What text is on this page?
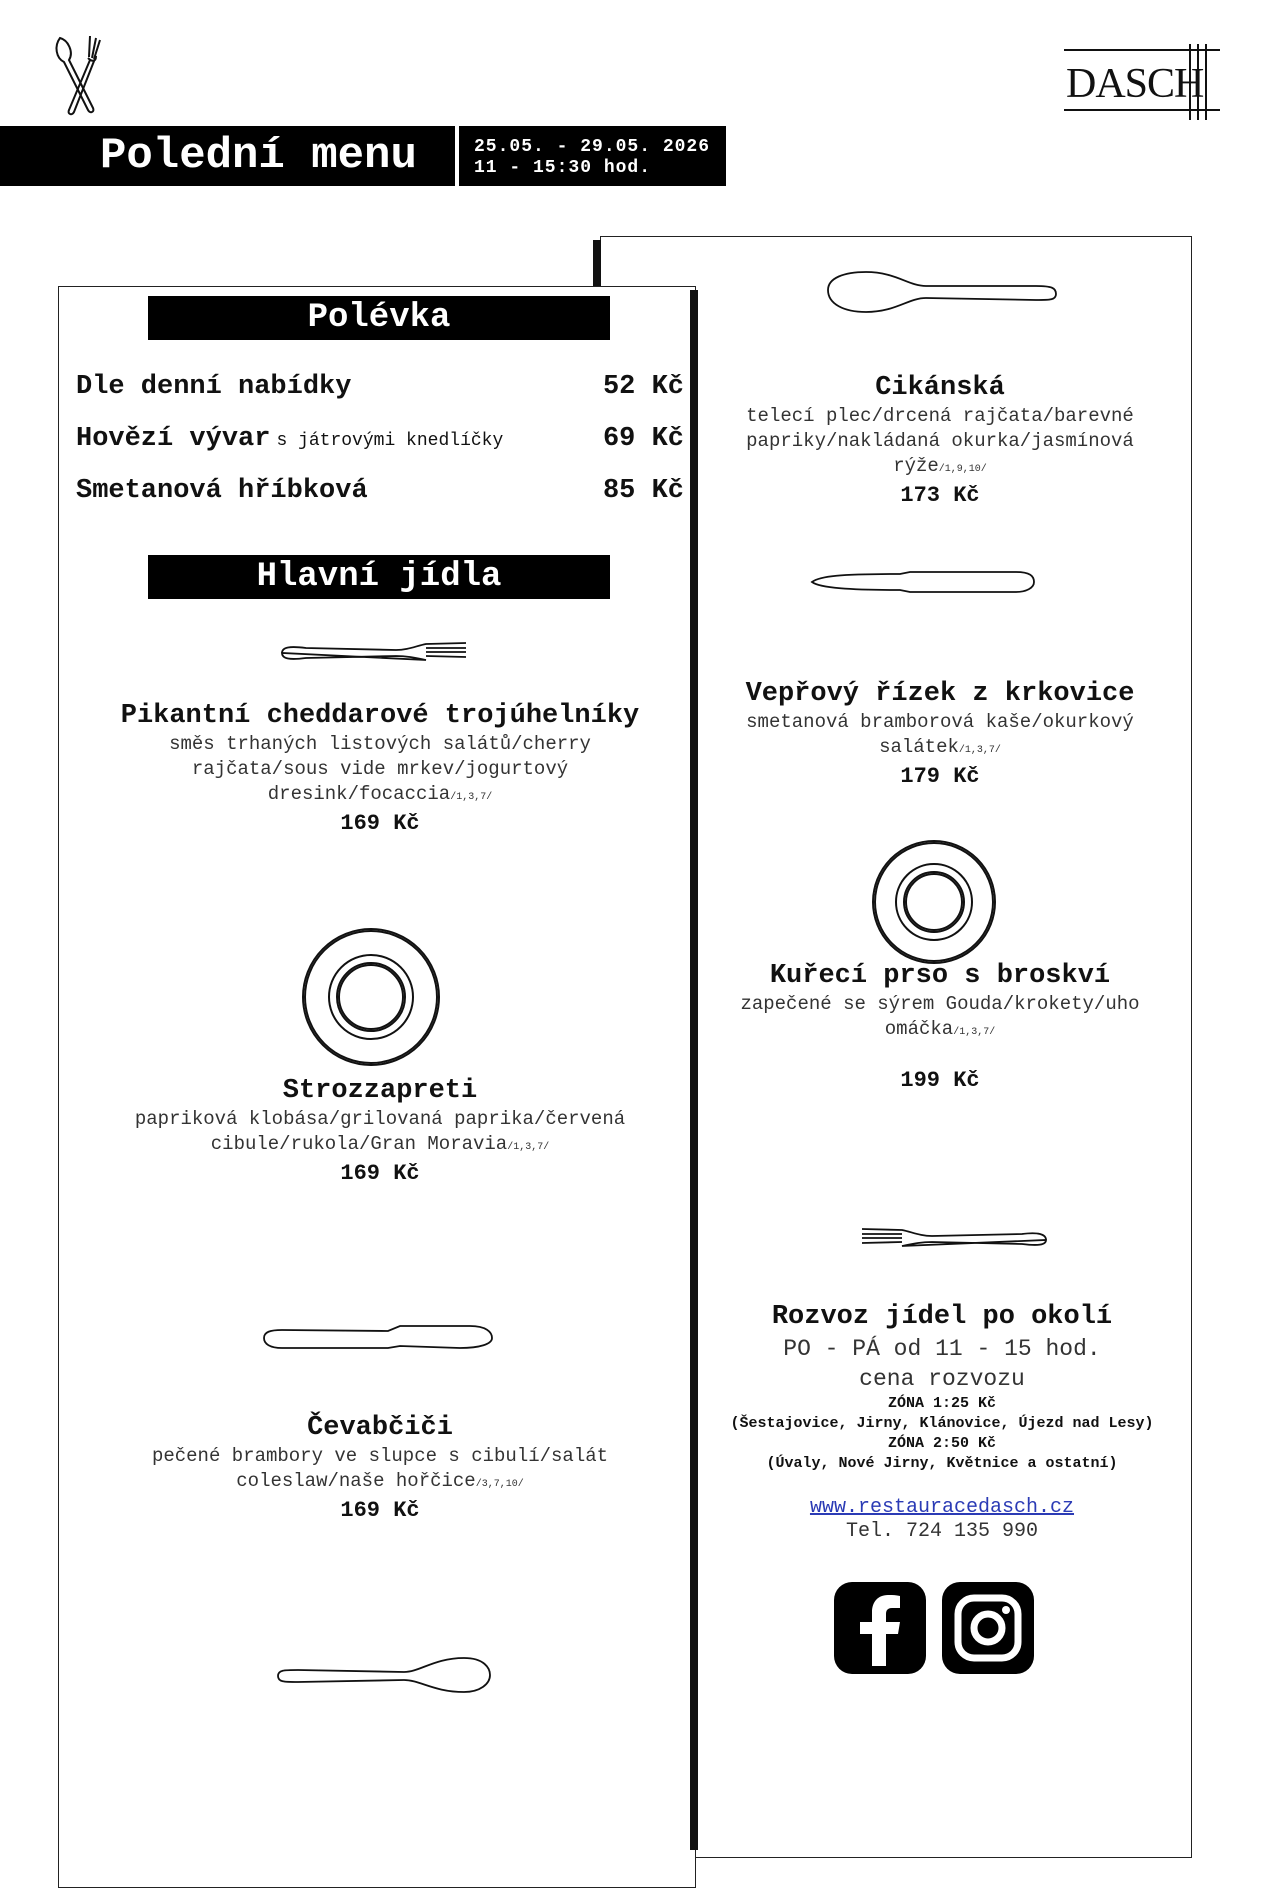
DASCH
Polední menu	25.05. - 29.05. 2026
11 - 15:30 hod.
Polévka
Dle denní nabídky	52 Kč
Hovězí vývar s játrovými knedlíčky	69 Kč
Smetanová hříbková	85 Kč
Hlavní jídla
Pikantní cheddarové trojúhelníky
směs trhaných listových salátů/cherry rajčata/sous vide mrkev/jogurtový dresink/focaccia/1,3,7/
169 Kč
Strozzapreti
papriková klobása/grilovaná paprika/červená cibule/rukola/Gran Moravia/1,3,7/
169 Kč
Čevabčiči
pečené brambory ve slupce s cibulí/salát coleslaw/naše hořčice/3,7,10/
169 Kč
Cikánská
telecí plec/drcená rajčata/barevné papriky/nakládaná okurka/jasmínová rýže/1,9,10/
173 Kč
Vepřový řízek z krkovice
smetanová bramborová kaše/okurkový salátek/1,3,7/
179 Kč
Kuřecí prso s broskví
zapečené se sýrem Gouda/krokety/uho omáčka/1,3,7/
199 Kč
Rozvoz jídel po okolí
PO - PÁ od 11 - 15 hod.
cena rozvozu
ZÓNA 1:25 Kč
(Šestajovice, Jirny, Klánovice, Újezd nad Lesy)
ZÓNA 2:50 Kč
(Úvaly, Nové Jirny, Květnice a ostatní)
www.restauracedasch.cz
Tel. 724 135 990
